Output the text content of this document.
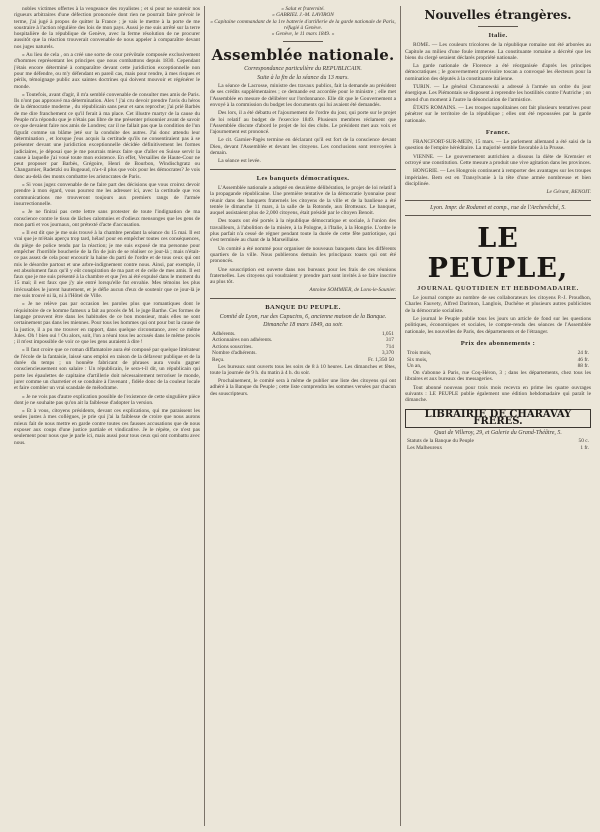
nobles victimes offertes à la vengeance des royalistes ; et si pour ne soutenir nos rigueurs arbitraires d'une défection prononcée dont rien ne pourrait faire prévoir le terme, j'ai jugé à propos de quitter la France ; je vais le mettre à la porte de me soustraire à l'action régulière des lois de mon pays. Aussi je me suis arrêté sur la terre hospitalière de la république de Genève, avec la ferme résolution de ne procurer aussitôt que la réaction trouverait convenable de nous appeler à comparaître devant nos juges naturels.

« Au lieu de cela , on a créé une sorte de cour prévôtale composée exclusivement d'hommes représentant les principes que nous combattons depuis 1830. Cependant j'étais encore déterminé à comparaître devant cette juridiction exceptionnelle non pour me défendre, ou m'y défendant en pareil cas, mais pour rendre, à mes risques et périls, témoignage public aux saintes doctrines qui doivent mouvoir et régénérer le monde.

« Toutefois, avant d'agir, il m'a semblé convenable de consulter mes amis de Paris. Ils n'ont pas approuvé ma détermination. Alex ! j'ai cru devoir prendre l'avis du héros de la démocratie moderne , du républicain sans peur et sans reproche; j'ai prié Barbès de me dire franchement ce qu'il ferait à ma place. Cet illustre martyr de la cause du Peuple m'a répondu que je n'étais pas libre de me présenter prisonnier avant de savoir ce que devaient faire nos amis de Londres; car il ne fallait pas que la condition de l'un figurât comme un blâme jeté sur la conduite des autres. J'ai donc attendu leur détermination , et lorsque j'eus acquis la certitude qu'ils ne consentiraient pas à se présenter devant une juridiction exceptionnelle décidée définitivement les formes judiciaires, je déposai que je me pourrais mieux faire que d'aller en Suisse servir la cause à laquelle j'ai voué toute mon existence. En effet, Versailles de Haute-Cour ne peut proposer par Barbès, Grégoire, Henri de Bourbon, Windischgratz ou Changarnier, Radetzki ou Bugeaud, n'a-t-il plus que voix pour les démocrates? Je vois donc au-delà des monts combattre les aristocrates de Paris.

« Si vous jugez convenable de ne faire part des décisions que vous croirez devoir prendre à mon égard, vous pourrez me les adresser ici, avec la certitude que vos communications me trouveront toujours aux premiers rangs de l'armée insurrectionnelle.

« Je ne finirai pas cette lettre sans protester de toute l'indignation de ma conscience contre le tissu de lâches calomnies et d'odieux mensonges que les gens de mon parti et vos journaux, ont prétexté d'acte d'accusation.

« Il est dit que je me suis trouvé à la chambre pendant la séance du 15 mai. Il est vrai que je m'étais aperçu trop tard, hélas! pour en empêcher toutes ces conséquences, du piège de police tendu par la réaction; je me suis exposé de ma personne pour empêcher l'horrible boucherie de la fin de juin de se réaliser ce jour-là ; mais n'était-ce pas assez de cela pour encourir la haine du parti de l'ordre et de tous ceux qui ont mis le désordre partout et une arbre-indignement contre nous. Ainsi, par exemple, il est absolument faux qu'il y eût conspiration de ma part et de celle de mes amis. Il est faux que je me suis présenté à la chambre et que j'en ai été expulsé dans le moment du 15 mai; il est faux que j'y aie entré lorsqu'elle fut envahie. Mes témoins les plus irrécusables le jurent hautement, et je défie aucun d'eux de soutenir que ce jour-là je me suis trouvé ni là, ni à l'Hôtel de Ville.

« Je ne relève pas par occasion les paroles plus que romantiques dont le réquisitoire de ce homme fameux a fait au procès de M. le juge Barthe. Ces formes de langage prouvent être dans les habitudes de ce bon monsieur, mais elles ne sont certainement pas dans les miennes. Pour tous les hommes qui ont pour but la cause de la justice, il a pu me trouver en rapport, dans quelque circonstance, avec ce même Jules. Oh ! bien oui ! Ou alors, soit, l'on a réuni tous les accusés dans le même procès ; il m'est impossible de voir ce que les gens auraient à dire !

« Il faut croire que ce roman diffamatoire aura été composé par quelque littérateur de l'école de la fantaisie, laissé sans emploi en raison de la défaveur publique et de la durée du temps ; un honnête fabricant de phrases aura voulu gagner consciencieusement son salaire : Un républicain, le sera-t-il dit, un républicain qui porte les épaulettes de capitaine d'artillerie doit nécessairement terroriser le monde, jurer comme un charretier et se conduire à l'avenant , fidèle donc de la couleur locale et faire combler un vrai scandale de mélodrame.

« Je ne vois pas d'autre explication possible de l'existence de cette singulière pièce dont je ne souhaite pas qu'on ait la faiblesse d'adopter la version.

« Et à vous, citoyens présidents, devant ces explications, qui me paraissent les seules justes à mes collègues, je prie qui j'ai la faiblesse de croire que nous aurons mieux fait de nous mettre en garde contre toutes ces fausses accusations que de nous exposer aux coups d'une justice partiale et vindicative. Je le répète, ce n'est pas seulement pour nous que je parle ici, mais aussi pour tous ceux qui ont combattu avec nous.

« Salut et fraternité.
« GABRIEL J.-M. LAVIRON
« Capitaine commandant de la 1re batterie d'artillerie de la garde nationale de Paris, réfugié à Genève.
« Genève, le 11 mars 1849. »

Assemblée nationale.
Correspondance particulière du REPUBLICAIN.
Suite à la fin de la séance du 13 mars.

La séance de Lacrosse, ministre des travaux publics, fait la demande au président de ses crédits supplémentaires ; ce demande est accordée pour le ministre ; elle met l'Assemblée en mesure de délibérer sur l'ordonnance. Elle dit que le Gouvernement a envoyé à la commission du budget les documents qui lui avaient été demandés.

Des lors, il a été débattu et l'ajournement de l'ordre du jour, qui porte sur le projet de loi relatif au budget de l'exercice 1849. Plusieurs membres réclament que l'Assemblée discute d'abord le projet de loi des clubs. Le président met aux voix et l'ajournement est prononcé.

Le cit. Garnier-Pagès termine en déclarant qu'il est fort de la conscience devant Dieu, devant l'Assemblée et devant les citoyens. Les conclusions sont renvoyées à demain.

La séance est levée.

Les banquets démocratiques.

L'Assemblée nationale a adopté en deuxième délibération, le projet de loi relatif à la propagande républicaine. Une première tentative de la démocratie lyonnaise pour réunir dans des banquets fraternels les citoyens de la ville et de la banlieue a été tentée le dimanche 11 mars, à la salle de la Rotonde, aux Brotteaux. Le banquet, auquel assistaient plus de 2,000 citoyens, était présidé par le citoyen Benoit.

Des toasts ont été portés à la république démocratique et sociale, à l'union des travailleurs, à l'abolition de la misère, à la Pologne, à l'Italie, à la Hongrie. L'ordre le plus parfait n'a cessé de régner pendant toute la durée de cette fête patriotique, qui s'est terminée au chant de la Marseillaise.

Un comité a été nommé pour organiser de nouveaux banquets dans les différents quartiers de la ville. Nous publierons demain les principaux toasts qui ont été prononcés.

Une souscription est ouverte dans nos bureaux pour les frais de ces réunions fraternelles. Les citoyens qui voudraient y prendre part sont invités à se faire inscrire au plus tôt.

Antoine SOMMIER, de Lons-le-Saunier.
BANQUE DU PEUPLE.
Comité de Lyon, rue des Capucins, 6, ancienne maison de la Banque.
Dimanche 18 mars 1849, au soir.
Adhérents.	1,051
Actionnaires non adhérents.	317
Actions souscrites.	714
Nombre d'adhérents.	3,370
Reçu.	Fr. 1,350 50

Les bureaux sont ouverts tous les soirs de 8 à 10 heures. Les dimanches et fêtes, toute la journée de 9 h. du matin à 4 h. du soir.

Prochainement, le comité sera à même de publier une liste des citoyens qui ont adhéré à la Banque du Peuple ; cette liste comprendra les sommes versées par chacun des souscripteurs.

Nouvelles étrangères.
Italie.

ROME. — Les couleurs tricolores de la république romaine ont été arborées au Capitole au milieu d'une foule immense. La constituante romaine a décrété que les biens du clergé seraient déclarés propriété nationale.

La garde nationale de Florence a été réorganisée d'après les principes démocratiques ; le gouvernement provisoire toscan a convoqué les électeurs pour la nomination des députés à la constituante italienne.

TURIN. — Le général Chrzanowski a adressé à l'armée un ordre du jour énergique. Les Piémontais se disposent à reprendre les hostilités contre l'Autriche ; on attend d'un moment à l'autre la dénonciation de l'armistice.

ÉTATS ROMAINS. — Les troupes napolitaines ont fait plusieurs tentatives pour pénétrer sur le territoire de la république ; elles ont été repoussées par la garde nationale.

France.

FRANCFORT-SUR-MEIN, 15 mars. — Le parlement allemand a été saisi de la question de l'empire héréditaire. La majorité semble favorable à la Prusse.

VIENNE. — Le gouvernement autrichien a dissous la diète de Kremsier et octroyé une constitution. Cette mesure a produit une vive agitation dans les provinces.

HONGRIE. — Les Hongrois continuent à remporter des avantages sur les troupes impériales. Bem est en Transylvanie à la tête d'une armée nombreuse et bien disciplinée.

Le Gérant, BENOIT.
Lyon. Impr. de Rodanet et comp., rue de l'Archevêché, 5.
LE PEUPLE,
JOURNAL QUOTIDIEN ET HEBDOMADAIRE.

Le journal compte au nombre de ses collaborateurs les citoyens P.-J. Proudhon, Charles Fauvety, Alfred Darimon, Langlois, Duchêne et plusieurs autres publicistes de la démocratie socialiste.

Le journal le Peuple publie tous les jours un article de fond sur les questions politiques, économiques et sociales, le compte-rendu des séances de l'Assemblée nationale, les nouvelles de Paris, des départements et de l'étranger.

Prix des abonnements :
Trois mois,	24 fr.
Six mois,	46 fr.
Un an,	88 fr.

On s'abonne à Paris, rue Coq-Héron, 3 ; dans les départements, chez tous les libraires et aux bureaux des messageries.

Tout abonné nouveau pour trois mois recevra en prime les quatre ouvrages suivants : LE PEUPLE publie également une édition hebdomadaire qui paraît le dimanche.

LIBRAIRIE DE CHARAVAY FRÈRES.
Quai de Villeroy, 29, et Galerie du Grand-Théâtre, 5.
Statuts de la Banque du Peuple	50 c.
Les Malheureux	1 fr.
